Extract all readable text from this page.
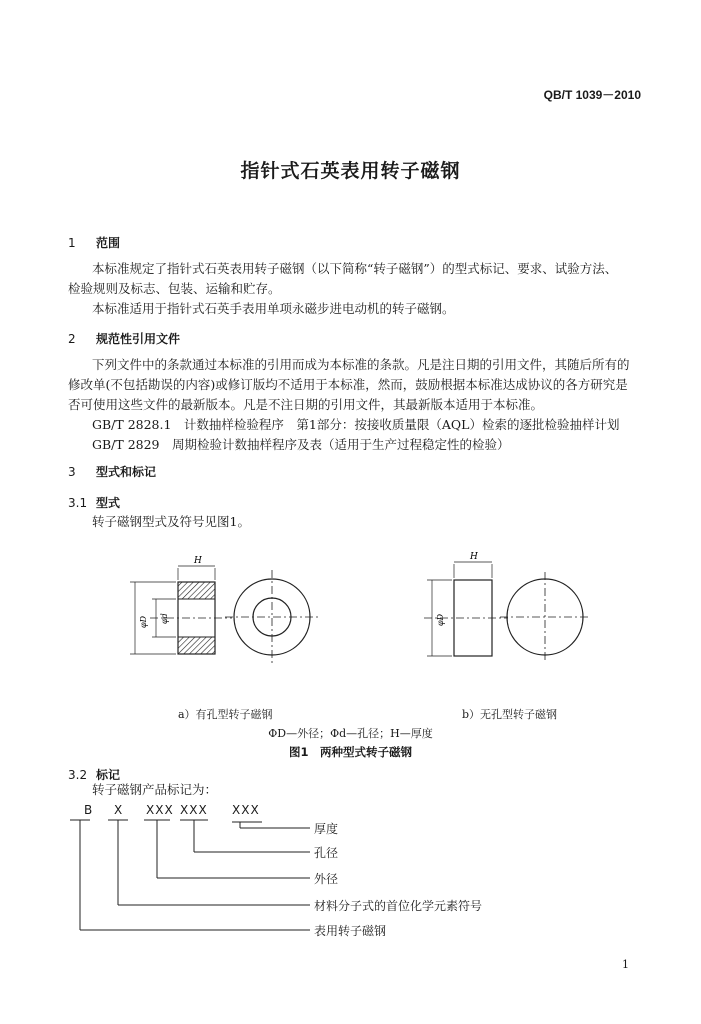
QB/T 1039－2010
指针式石英表用转子磁钢
1 范围
本标准规定了指针式石英表用转子磁钢（以下简称“转子磁钢”）的型式标记、要求、试验方法、
检验规则及标志、包装、运输和贮存。
本标准适用于指针式石英手表用单项永磁步进电动机的转子磁钢。
2 规范性引用文件
下列文件中的条款通过本标准的引用而成为本标准的条款。凡是注日期的引用文件，其随后所有的
修改单(不包括勘误的内容)或修订版均不适用于本标准，然而，鼓励根据本标准达成协议的各方研究是
否可使用这些文件的最新版本。凡是不注日期的引用文件，其最新版本适用于本标准。
GB/T 2828.1　计数抽样检验程序　第1部分：按接收质量限（AQL）检索的逐批检验抽样计划
GB/T 2829　周期检验计数抽样程序及表（适用于生产过程稳定性的检验）
3 型式和标记
3.1 型式
转子磁钢型式及符号见图1。
H
φD φd
H
φD
a）有孔型转子磁钢	b）无孔型转子磁钢
ΦD—外径；Φd—孔径；H—厚度
图1　两种型式转子磁钢
3.2 标记
转子磁钢产品标记为：
B X XXX XXX XXX
厚度
孔径
外径
材料分子式的首位化学元素符号
表用转子磁钢
1
